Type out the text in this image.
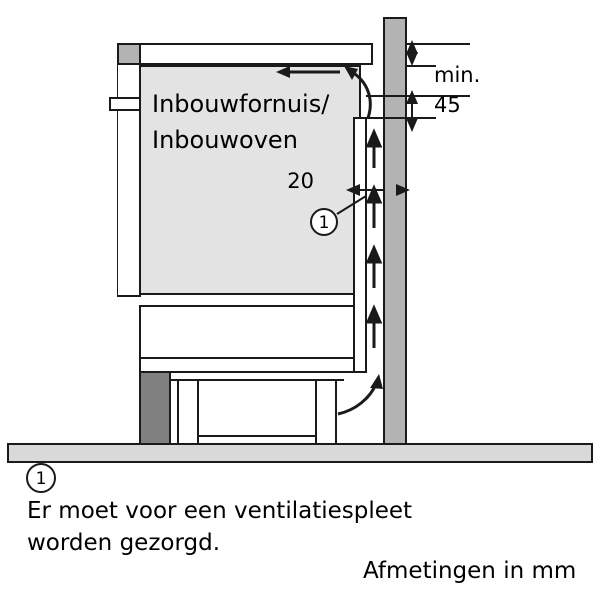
min.
45
20
1
Inbouwfornuis/
Inbouwoven
1
Er moet voor een ventilatiespleet
worden gezorgd.
Afmetingen in mm
